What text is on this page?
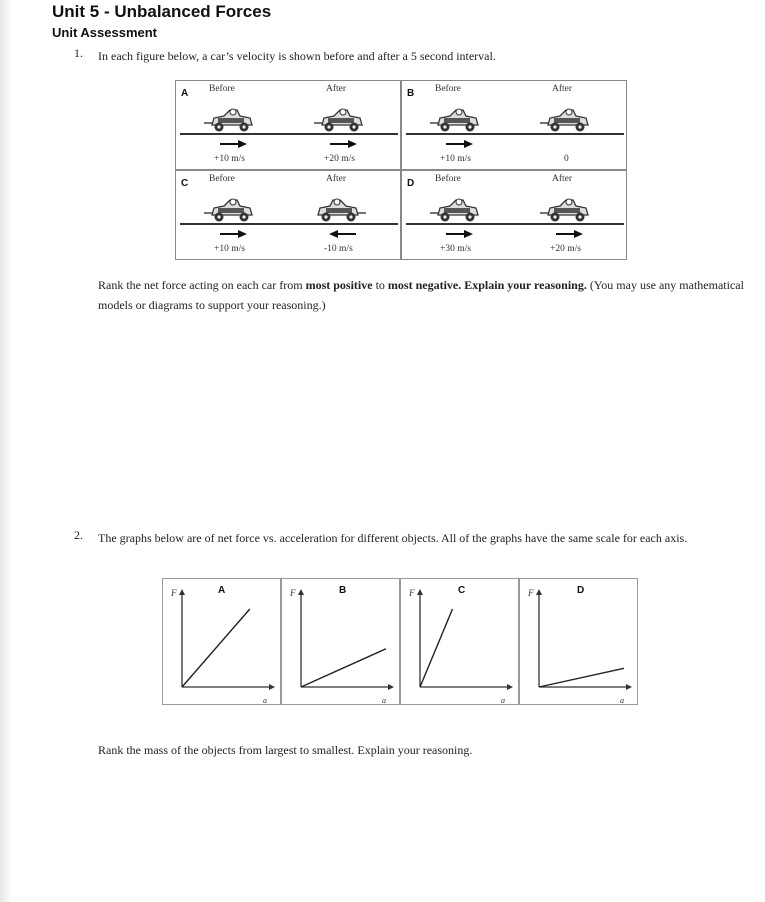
Unit 5 - Unbalanced Forces
Unit Assessment
1. In each figure below, a car’s velocity is shown before and after a 5 second interval.
A Before	After
+10 m/s	+20 m/s
B Before	After
+10 m/s	0
C Before	After
+10 m/s	-10 m/s
D Before	After
+30 m/s	+20 m/s
Rank the net force acting on each car from most positive to most negative. Explain your reasoning. (You may use any mathematical models or diagrams to support your reasoning.)
2. The graphs below are of net force vs. acceleration for different objects. All of the graphs have the same scale for each axis.
F
a
A	F
a
B	F
a
C	F
a
D
Rank the mass of the objects from largest to smallest. Explain your reasoning.
